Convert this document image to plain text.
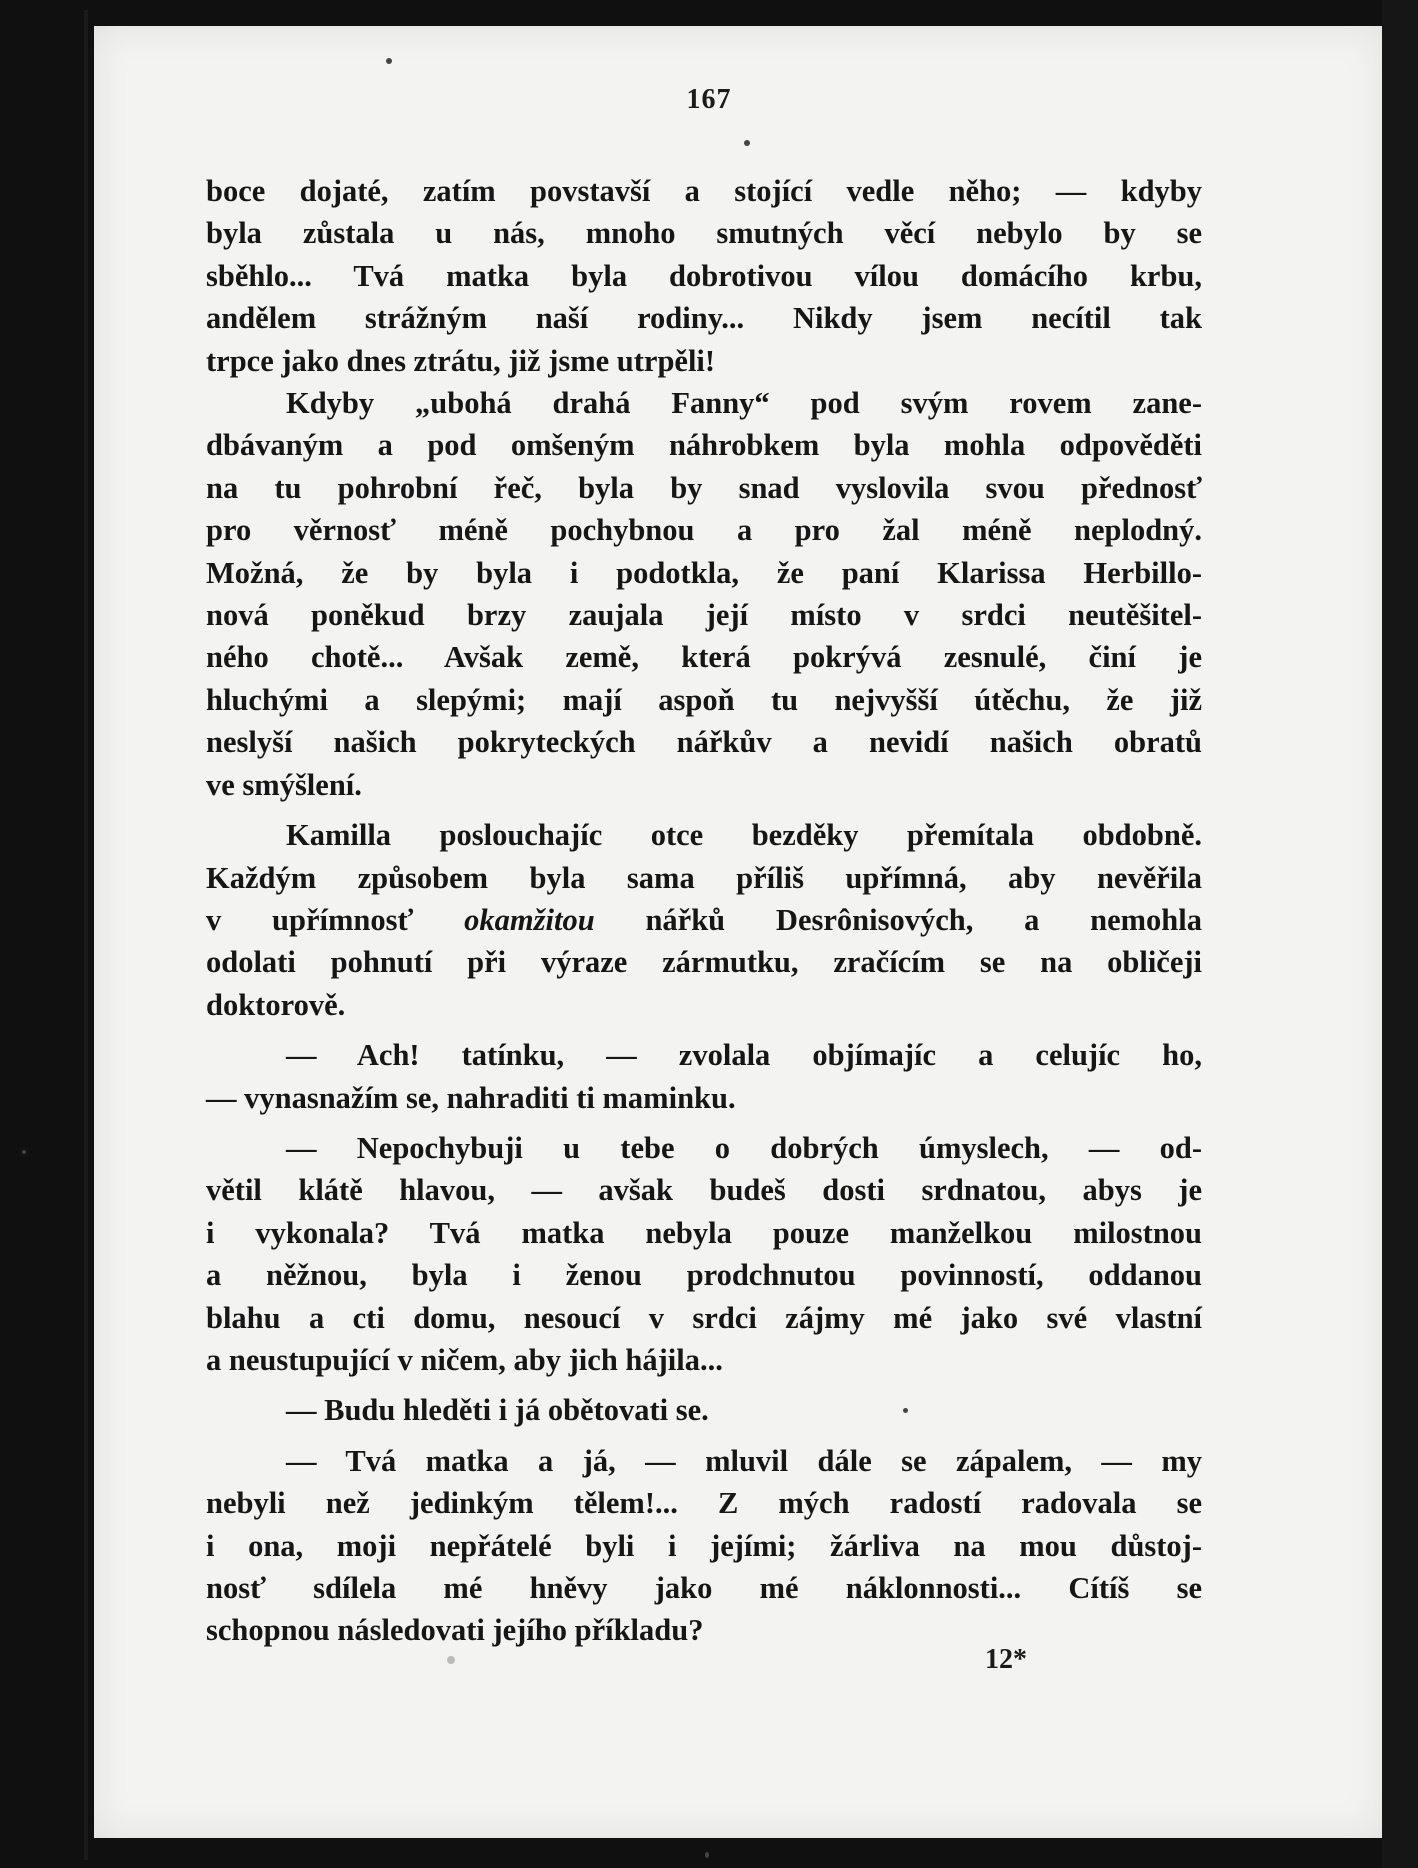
167

boce dojaté, zatím povstavší a stojící vedle něho; — kdyby
byla zůstala u nás, mnoho smutných věcí nebylo by se
sběhlo... Tvá matka byla dobrotivou vílou domácího krbu,
andělem strážným naší rodiny... Nikdy jsem necítil tak
trpce jako dnes ztrátu, již jsme utrpěli!

Kdyby „ubohá drahá Fanny“ pod svým rovem zane-
dbávaným a pod omšeným náhrobkem byla mohla odpověděti
na tu pohrobní řeč, byla by snad vyslovila svou přednosť
pro věrnosť méně pochybnou a pro žal méně neplodný.
Možná, že by byla i podotkla, že paní Klarissa Herbillo-
nová poněkud brzy zaujala její místo v srdci neutěšitel-
ného chotě... Avšak země, která pokrývá zesnulé, činí je
hluchými a slepými; mají aspoň tu nejvyšší útěchu, že již
neslyší našich pokryteckých nářkův a nevidí našich obratů
ve smýšlení.

Kamilla poslouchajíc otce bezděky přemítala obdobně.
Každým způsobem byla sama příliš upřímná, aby nevěřila
v upřímnosť okamžitou nářků Desrônisových, a nemohla
odolati pohnutí při výraze zármutku, zračícím se na obličeji
doktorově.

— Ach! tatínku, — zvolala objímajíc a celujíc ho,
— vynasnažím se, nahraditi ti maminku.

— Nepochybuji u tebe o dobrých úmyslech, — od-
větil klátě hlavou, — avšak budeš dosti srdnatou, abys je
i vykonala? Tvá matka nebyla pouze manželkou milostnou
a něžnou, byla i ženou prodchnutou povinností, oddanou
blahu a cti domu, nesoucí v srdci zájmy mé jako své vlastní
a neustupující v ničem, aby jich hájila...

— Budu hleděti i já obětovati se.

— Tvá matka a já, — mluvil dále se zápalem, — my
nebyli než jedinkým tělem!... Z mých radostí radovala se
i ona, moji nepřátelé byli i jejími; žárliva na mou důstoj-
nosť sdílela mé hněvy jako mé náklonnosti... Cítíš se
schopnou následovati jejího příkladu?

12*
